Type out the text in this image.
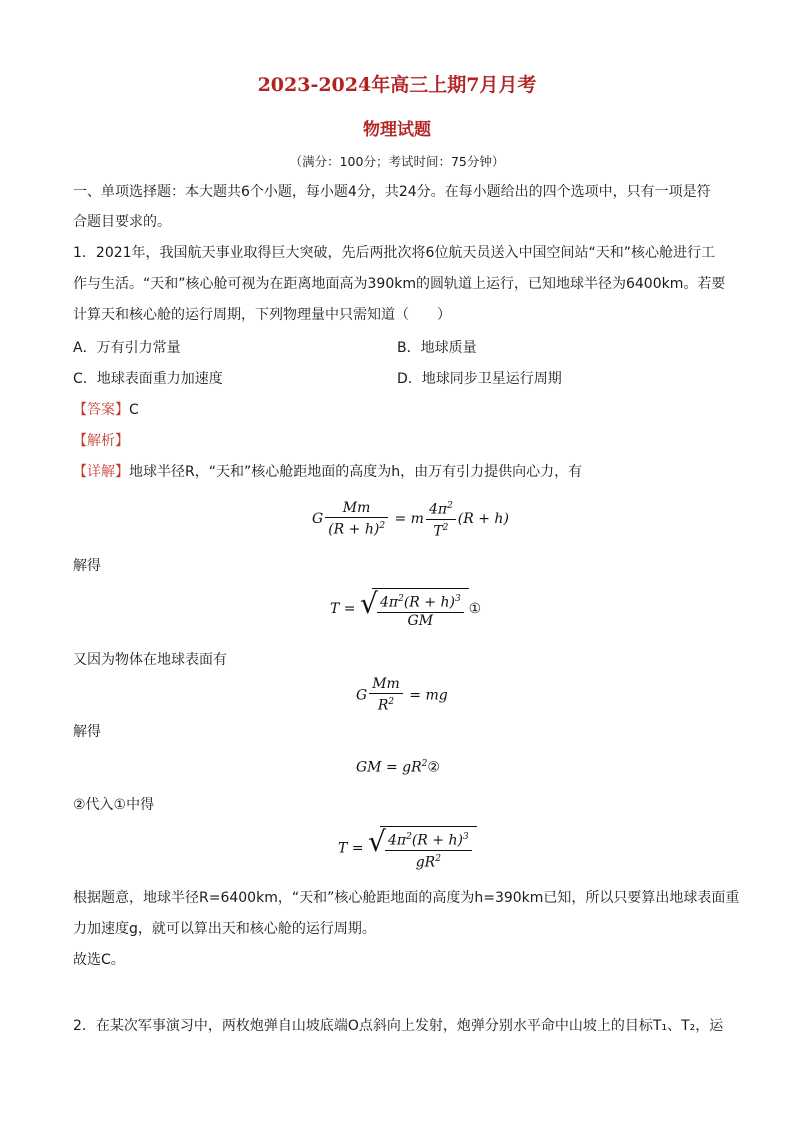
2023-2024年高三上期7月月考
物理试题
（满分：100分；考试时间：75分钟）
一、单项选择题：本大题共6个小题，每小题4分，共24分。在每小题给出的四个选项中，只有一项是符
合题目要求的。
1．2021年，我国航天事业取得巨大突破，先后两批次将6位航天员送入中国空间站“天和”核心舱进行工
作与生活。“天和”核心舱可视为在距离地面高为390km的圆轨道上运行，已知地球半径为6400km。若要
计算天和核心舱的运行周期，下列物理量中只需知道（　　）
A．万有引力常量	B．地球质量
C．地球表面重力加速度	D．地球同步卫星运行周期
【答案】C
【解析】
【详解】地球半径R，“天和”核心舱距地面的高度为h，由万有引力提供向心力，有
G $\frac{Mm}{(R + h)^2} = m \frac{4\pi^2}{T^2} (R + h)$
解得
T = √ $\frac{4\pi^2(R + h)^3}{GM}$ ①
又因为物体在地球表面有
G $\frac{Mm}{R^2}$ = mg
解得
GM = $gR^2②$
②代入①中得
T = √ $\frac{4\pi^2(R + h)^3}{gR^2}$
根据题意，地球半径R=6400km，“天和”核心舱距地面的高度为h=390km已知，所以只要算出地球表面重
力加速度g，就可以算出天和核心舱的运行周期。
故选C。
2．在某次军事演习中，两枚炮弹自山坡底端O点斜向上发射，炮弹分别水平命中山坡上的目标T₁、T₂，运
